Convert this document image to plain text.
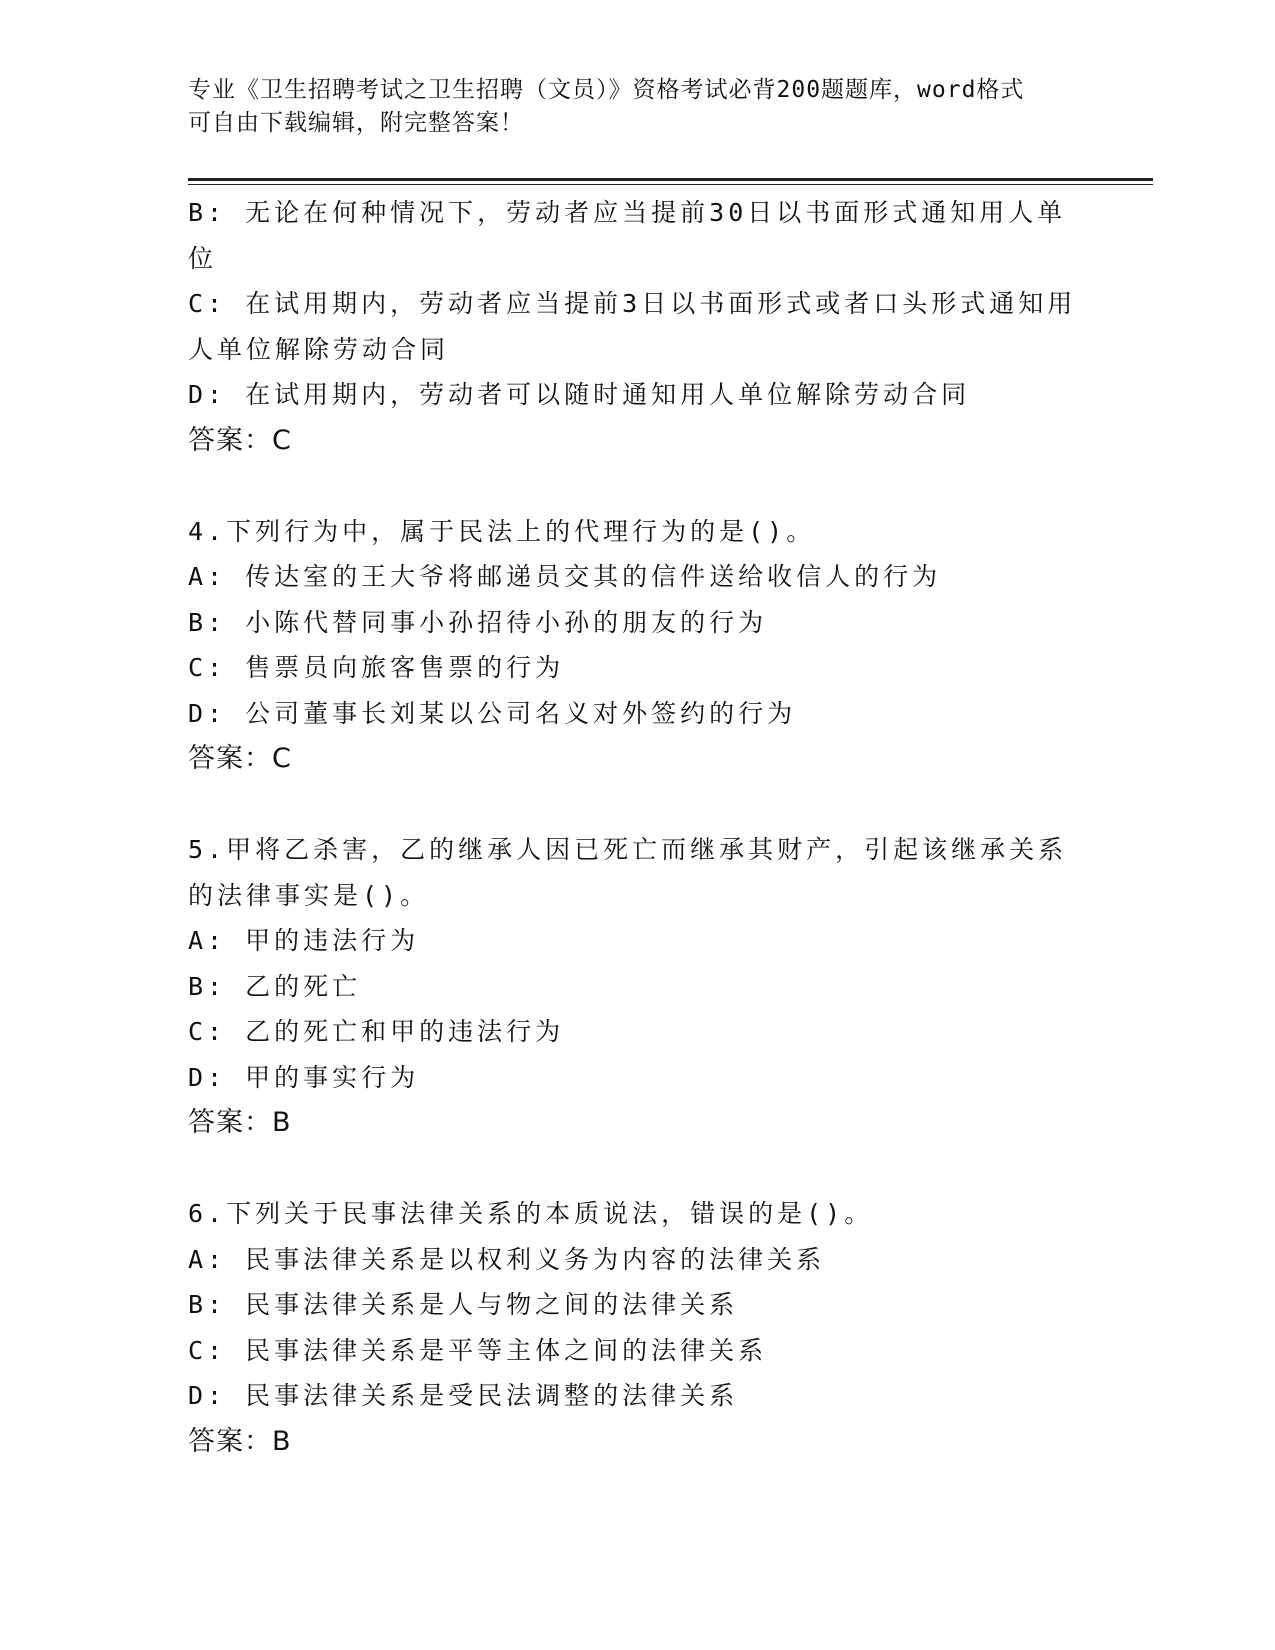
专业《卫生招聘考试之卫生招聘（文员）》资格考试必背200题题库，word格式
可自由下载编辑，附完整答案！
B: 无论在何种情况下，劳动者应当提前30日以书面形式通知用人单
位
C: 在试用期内，劳动者应当提前3日以书面形式或者口头形式通知用
人单位解除劳动合同
D: 在试用期内，劳动者可以随时通知用人单位解除劳动合同
答案：C
4.下列行为中，属于民法上的代理行为的是()。
A: 传达室的王大爷将邮递员交其的信件送给收信人的行为
B: 小陈代替同事小孙招待小孙的朋友的行为
C: 售票员向旅客售票的行为
D: 公司董事长刘某以公司名义对外签约的行为
答案：C
5.甲将乙杀害，乙的继承人因已死亡而继承其财产，引起该继承关系
的法律事实是()。
A: 甲的违法行为
B: 乙的死亡
C: 乙的死亡和甲的违法行为
D: 甲的事实行为
答案：B
6.下列关于民事法律关系的本质说法，错误的是()。
A: 民事法律关系是以权利义务为内容的法律关系
B: 民事法律关系是人与物之间的法律关系
C: 民事法律关系是平等主体之间的法律关系
D: 民事法律关系是受民法调整的法律关系
答案：B
